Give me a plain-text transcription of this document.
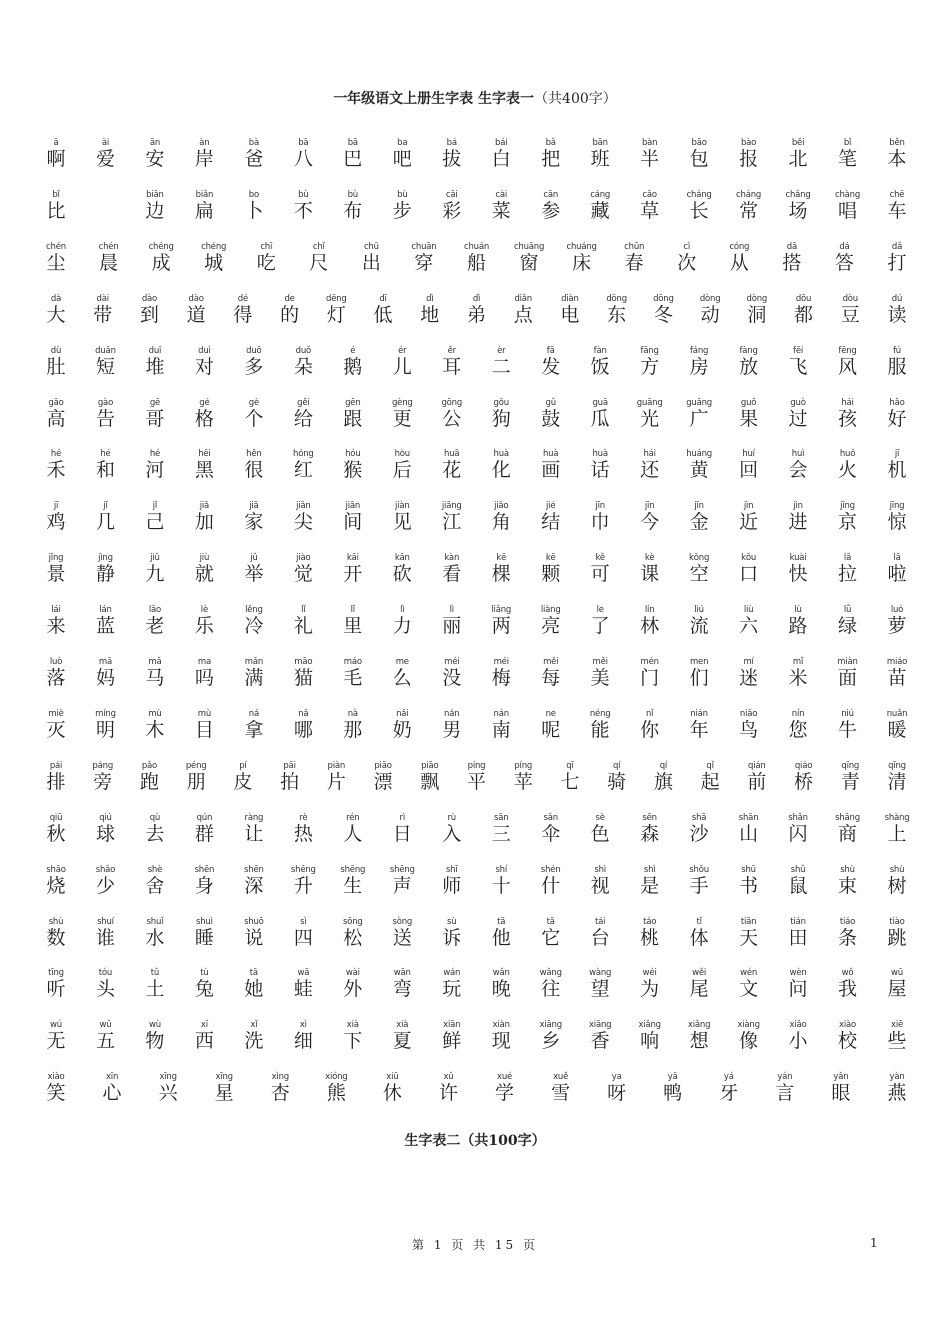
一年级语文上册生字表 生字表一（共400字）
ā
啊
ài
爱
ān
安
àn
岸
bà
爸
bā
八
bā
巴
ba
吧
bá
拔
bái
白
bǎ
把
bān
班
bàn
半
bāo
包
bào
报
běi
北
bǐ
笔
běn
本
bǐ
比
biān
边
biǎn
扁
bo
卜
bù
不
bù
布
bù
步
cǎi
彩
cài
菜
cān
参
cáng
藏
cǎo
草
cháng
长
cháng
常
chǎng
场
chàng
唱
chē
车
chén
尘
chén
晨
chéng
成
chéng
城
chī
吃
chǐ
尺
chū
出
chuān
穿
chuán
船
chuāng
窗
chuáng
床
chūn
春
cì
次
cóng
从
dā
搭
dá
答
dǎ
打
dà
大
dài
带
dào
到
dào
道
dé
得
de
的
dēng
灯
dī
低
dì
地
dì
弟
diǎn
点
diàn
电
dōng
东
dōng
冬
dòng
动
dòng
洞
dōu
都
dòu
豆
dú
读
dù
肚
duǎn
短
duī
堆
duì
对
duō
多
duǒ
朵
é
鹅
ér
儿
ěr
耳
èr
二
fā
发
fàn
饭
fāng
方
fáng
房
fàng
放
fēi
飞
fēng
风
fú
服
gāo
高
gào
告
gē
哥
gé
格
gè
个
gěi
给
gēn
跟
gèng
更
gōng
公
gǒu
狗
gǔ
鼓
guā
瓜
guāng
光
guǎng
广
guǒ
果
guò
过
hái
孩
hǎo
好
hé
禾
hé
和
hé
河
hēi
黑
hěn
很
hóng
红
hóu
猴
hòu
后
huā
花
huà
化
huà
画
huà
话
hái
还
huáng
黄
huí
回
huì
会
huǒ
火
jī
机
jī
鸡
jǐ
几
jǐ
己
jiā
加
jiā
家
jiān
尖
jiān
间
jiàn
见
jiāng
江
jiǎo
角
jié
结
jīn
巾
jīn
今
jīn
金
jìn
近
jìn
进
jīng
京
jīng
惊
jǐng
景
jìng
静
jiǔ
九
jiù
就
jǔ
举
jiào
觉
kāi
开
kǎn
砍
kàn
看
kē
棵
kē
颗
kě
可
kè
课
kōng
空
kǒu
口
kuài
快
lā
拉
lā
啦
lái
来
lán
蓝
lǎo
老
lè
乐
lěng
冷
lǐ
礼
lǐ
里
lì
力
lì
丽
liǎng
两
liàng
亮
le
了
lín
林
liú
流
liù
六
lù
路
lǜ
绿
luó
萝
luò
落
mā
妈
mǎ
马
ma
吗
mǎn
满
māo
猫
máo
毛
me
么
méi
没
méi
梅
měi
每
měi
美
mén
门
men
们
mí
迷
mǐ
米
miàn
面
miáo
苗
miè
灭
míng
明
mù
木
mù
目
ná
拿
nǎ
哪
nà
那
nǎi
奶
nán
男
nán
南
ne
呢
néng
能
nǐ
你
nián
年
niǎo
鸟
nín
您
niú
牛
nuǎn
暖
pái
排
páng
旁
pǎo
跑
péng
朋
pí
皮
pāi
拍
piàn
片
piāo
漂
piāo
飘
píng
平
píng
苹
qī
七
qí
骑
qí
旗
qǐ
起
qián
前
qiáo
桥
qīng
青
qīng
清
qiū
秋
qiú
球
qù
去
qún
群
ràng
让
rè
热
rén
人
rì
日
rù
入
sān
三
sǎn
伞
sè
色
sēn
森
shā
沙
shān
山
shǎn
闪
shāng
商
shàng
上
shāo
烧
shǎo
少
shè
舍
shēn
身
shēn
深
shēng
升
shēng
生
shēng
声
shī
师
shí
十
shén
什
shì
视
shì
是
shǒu
手
shū
书
shǔ
鼠
shù
束
shù
树
shù
数
shuí
谁
shuǐ
水
shuì
睡
shuō
说
sì
四
sōng
松
sòng
送
sù
诉
tā
他
tā
它
tái
台
táo
桃
tǐ
体
tiān
天
tián
田
tiáo
条
tiào
跳
tīng
听
tóu
头
tǔ
土
tù
兔
tā
她
wā
蛙
wài
外
wān
弯
wán
玩
wǎn
晚
wǎng
往
wàng
望
wéi
为
wěi
尾
wén
文
wèn
问
wǒ
我
wū
屋
wú
无
wǔ
五
wù
物
xī
西
xǐ
洗
xì
细
xià
下
xià
夏
xiān
鲜
xiàn
现
xiāng
乡
xiāng
香
xiǎng
响
xiǎng
想
xiàng
像
xiǎo
小
xiào
校
xiē
些
xiào
笑
xīn
心
xīng
兴
xīng
星
xìng
杏
xióng
熊
xiū
休
xǔ
许
xué
学
xuě
雪
ya
呀
yā
鸭
yá
牙
yán
言
yǎn
眼
yàn
燕
生字表二（共100字）
第 1 页 共 15 页	1
